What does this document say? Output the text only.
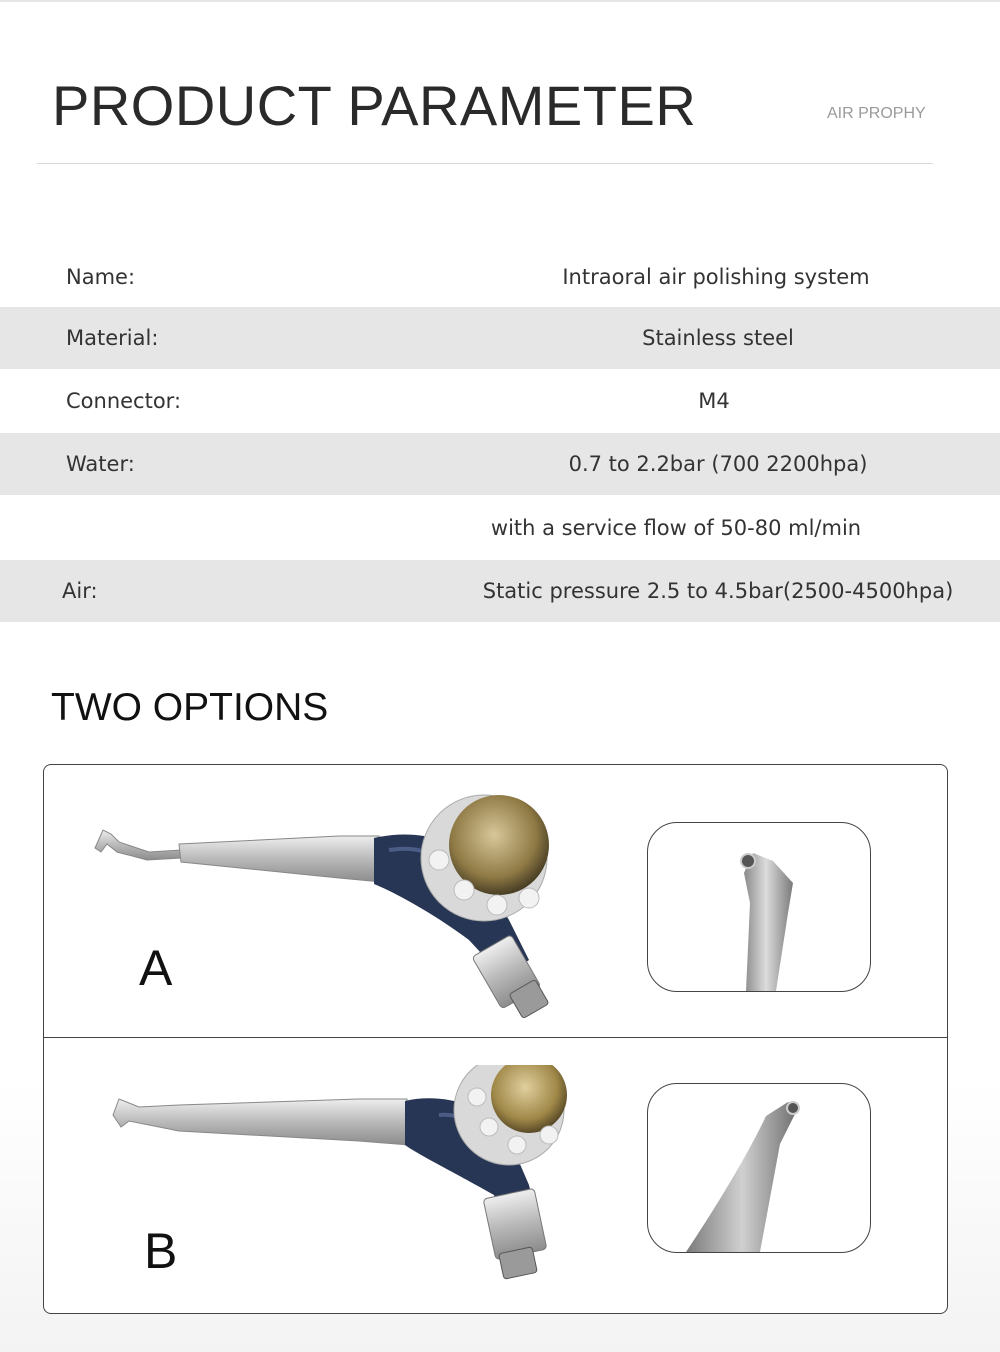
PRODUCT PARAMETER	AIR PROPHY
Name:	Intraoral air polishing system
Material:	Stainless steel
Connector:	M4
Water:	0.7 to 2.2bar (700 2200hpa)
with a service flow of 50-80 ml/min
Air:	Static pressure 2.5 to 4.5bar(2500-4500hpa)
TWO OPTIONS
A
B
